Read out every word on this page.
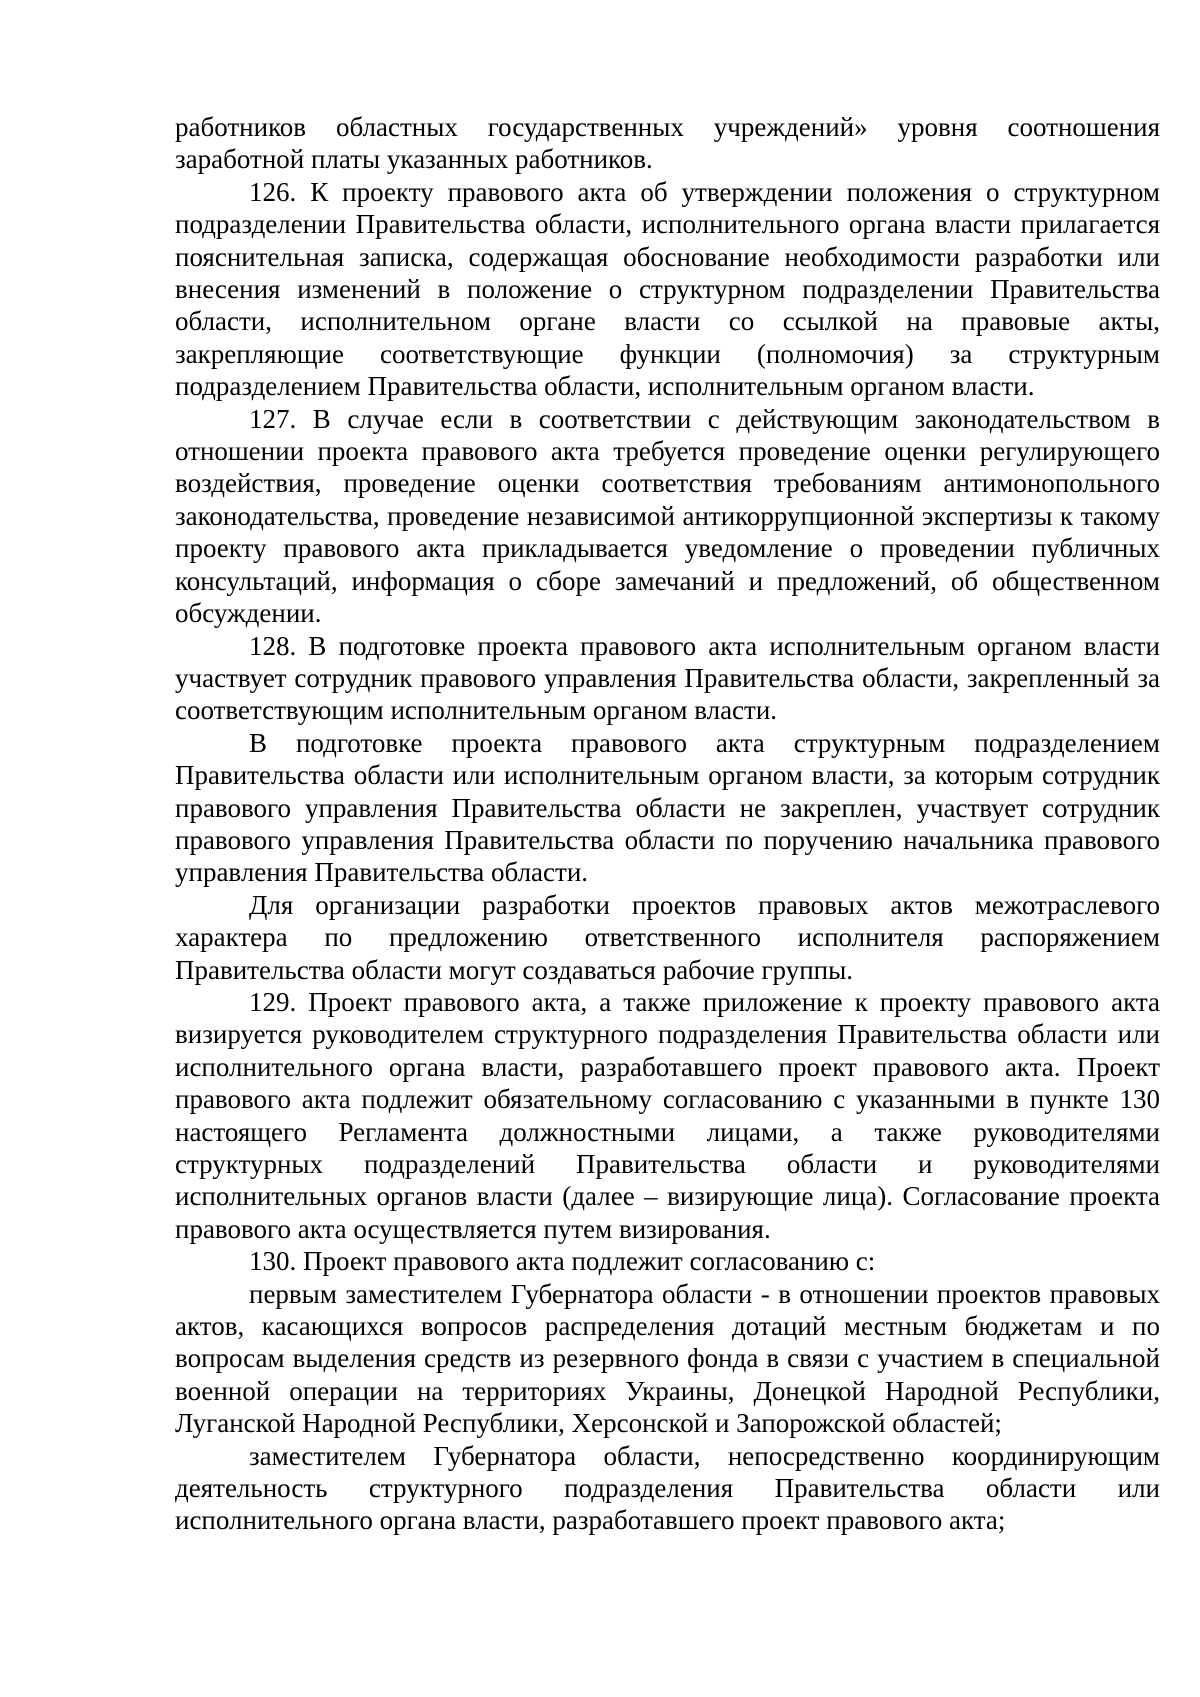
работников областных государственных учреждений» уровня соотношения заработной платы указанных работников.

126. К проекту правового акта об утверждении положения о структурном подразделении Правительства области, исполнительного органа власти прилагается пояснительная записка, содержащая обоснование необходимости разработки или внесения изменений в положение о структурном подразделении Правительства области, исполнительном органе власти со ссылкой на правовые акты, закрепляющие соответствующие функции (полномочия) за структурным подразделением Правительства области, исполнительным органом власти.

127. В случае если в соответствии с действующим законодательством в отношении проекта правового акта требуется проведение оценки регулирующего воздействия, проведение оценки соответствия требованиям антимонопольного законодательства, проведение независимой антикоррупционной экспертизы к такому проекту правового акта прикладывается уведомление о проведении публичных консультаций, информация о сборе замечаний и предложений, об общественном обсуждении.

128. В подготовке проекта правового акта исполнительным органом власти участвует сотрудник правового управления Правительства области, закрепленный за соответствующим исполнительным органом власти.

В подготовке проекта правового акта структурным подразделением Правительства области или исполнительным органом власти, за которым сотрудник правового управления Правительства области не закреплен, участвует сотрудник правового управления Правительства области по поручению начальника правового управления Правительства области.

Для организации разработки проектов правовых актов межотраслевого характера по предложению ответственного исполнителя распоряжением Правительства области могут создаваться рабочие группы.

129. Проект правового акта, а также приложение к проекту правового акта визируется руководителем структурного подразделения Правительства области или исполнительного органа власти, разработавшего проект правового акта. Проект правового акта подлежит обязательному согласованию с указанными в пункте 130 настоящего Регламента должностными лицами, а также руководителями структурных подразделений Правительства области и руководителями исполнительных органов власти (далее – визирующие лица). Согласование проекта правового акта осуществляется путем визирования.

130. Проект правового акта подлежит согласованию с:

первым заместителем Губернатора области - в отношении проектов правовых актов, касающихся вопросов распределения дотаций местным бюджетам и по вопросам выделения средств из резервного фонда в связи с участием в специальной военной операции на территориях Украины, Донецкой Народной Республики, Луганской Народной Республики, Херсонской и Запорожской областей;

заместителем Губернатора области, непосредственно координирующим деятельность структурного подразделения Правительства области или исполнительного органа власти, разработавшего проект правового акта;
